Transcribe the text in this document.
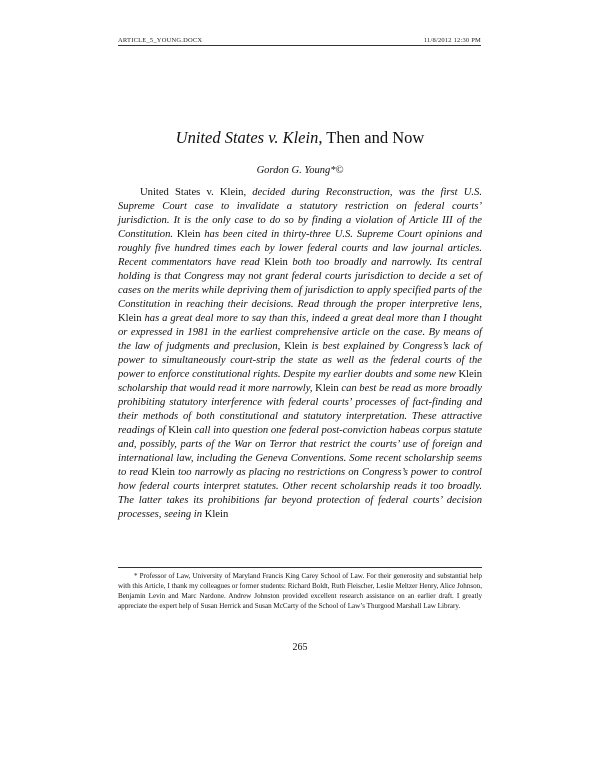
ARTICLE_5_YOUNG.DOCX	11/8/2012 12:30 PM
United States v. Klein, Then and Now
Gordon G. Young*©

United States v. Klein, decided during Reconstruction, was the first U.S. Supreme Court case to invalidate a statutory restriction on federal courts’ jurisdiction. It is the only case to do so by finding a violation of Article III of the Constitution. Klein has been cited in thirty-three U.S. Supreme Court opinions and roughly five hundred times each by lower federal courts and law journal articles. Recent commentators have read Klein both too broadly and narrowly. Its central holding is that Congress may not grant federal courts jurisdiction to decide a set of cases on the merits while depriving them of jurisdiction to apply specified parts of the Constitution in reaching their decisions. Read through the proper interpretive lens, Klein has a great deal more to say than this, indeed a great deal more than I thought or expressed in 1981 in the earliest comprehensive article on the case. By means of the law of judgments and preclusion, Klein is best explained by Congress’s lack of power to simultaneously court-strip the state as well as the federal courts of the power to enforce constitutional rights. Despite my earlier doubts and some new Klein scholarship that would read it more narrowly, Klein can best be read as more broadly prohibiting statutory interference with federal courts’ processes of fact-finding and their methods of both constitutional and statutory interpretation. These attractive readings of Klein call into question one federal post-conviction habeas corpus statute and, possibly, parts of the War on Terror that restrict the courts’ use of foreign and international law, including the Geneva Conventions. Some recent scholarship seems to read Klein too narrowly as placing no restrictions on Congress’s power to control how federal courts interpret statutes. Other recent scholarship reads it too broadly. The latter takes its prohibitions far beyond protection of federal courts’ decision processes, seeing in Klein

* Professor of Law, University of Maryland Francis King Carey School of Law. For their generosity and substantial help with this Article, I thank my colleagues or former students: Richard Boldt, Ruth Fleischer, Leslie Meltzer Henry, Alice Johnson, Benjamin Levin and Marc Nardone. Andrew Johnston provided excellent research assistance on an earlier draft. I greatly appreciate the expert help of Susan Herrick and Susan McCarty of the School of Law’s Thurgood Marshall Law Library.

265
